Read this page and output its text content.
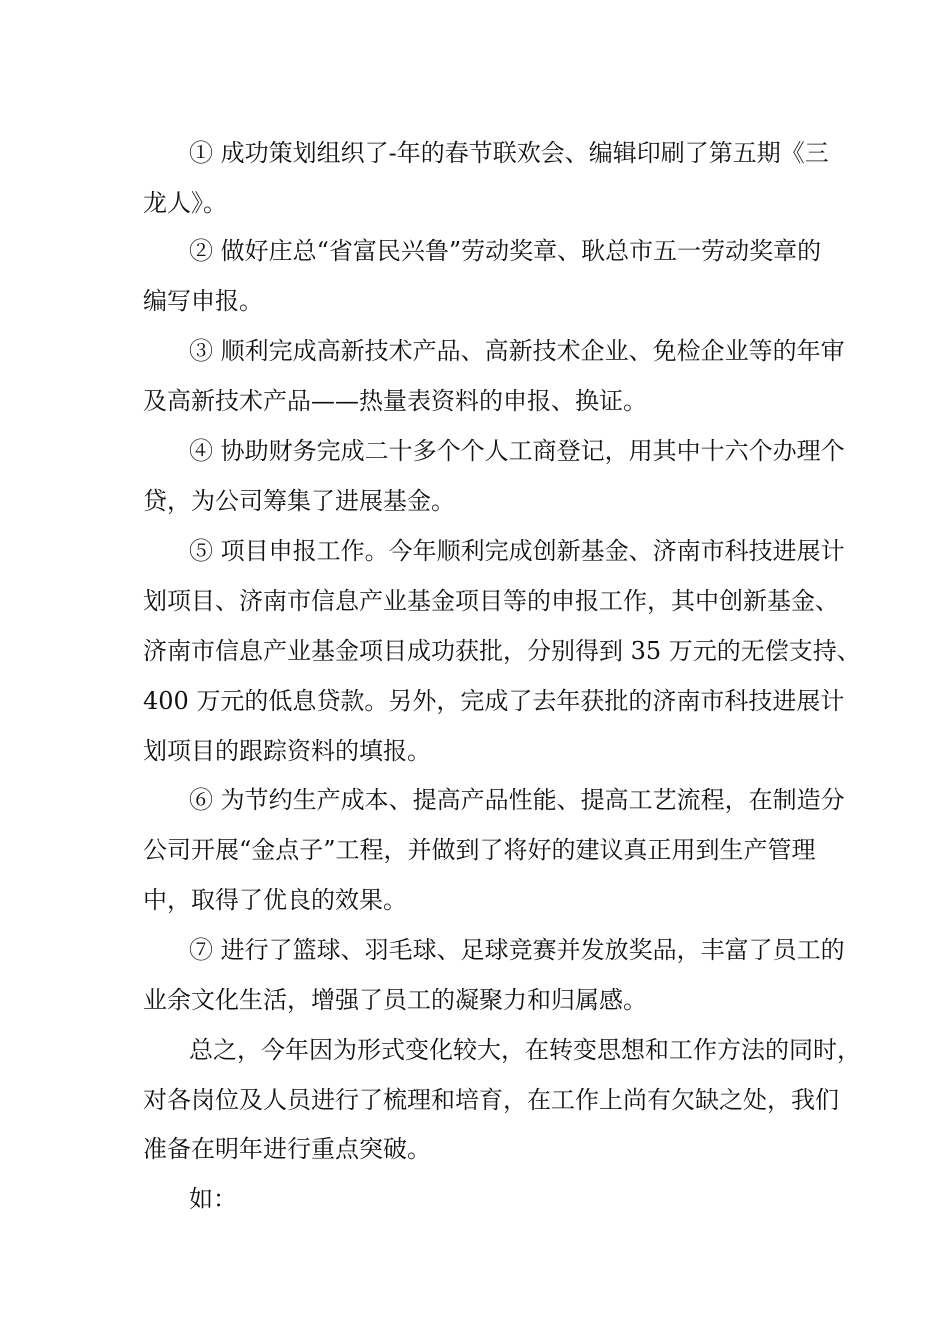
① 成功策划组织了-年的春节联欢会、编辑印刷了第五期《三

龙人》。

② 做好庄总“省富民兴鲁”劳动奖章、耿总市五一劳动奖章的

编写申报。

③ 顺利完成高新技术产品、高新技术企业、免检企业等的年审

及高新技术产品——热量表资料的申报、换证。

④ 协助财务完成二十多个个人工商登记，用其中十六个办理个

贷，为公司筹集了进展基金。

⑤ 项目申报工作。今年顺利完成创新基金、济南市科技进展计

划项目、济南市信息产业基金项目等的申报工作，其中创新基金、

济南市信息产业基金项目成功获批，分别得到 35 万元的无偿支持、

400 万元的低息贷款。另外，完成了去年获批的济南市科技进展计

划项目的跟踪资料的填报。

⑥ 为节约生产成本、提高产品性能、提高工艺流程，在制造分

公司开展“金点子”工程，并做到了将好的建议真正用到生产管理

中，取得了优良的效果。

⑦ 进行了篮球、羽毛球、足球竞赛并发放奖品，丰富了员工的

业余文化生活，增强了员工的凝聚力和归属感。

总之，今年因为形式变化较大，在转变思想和工作方法的同时，

对各岗位及人员进行了梳理和培育，在工作上尚有欠缺之处，我们

准备在明年进行重点突破。

如：
